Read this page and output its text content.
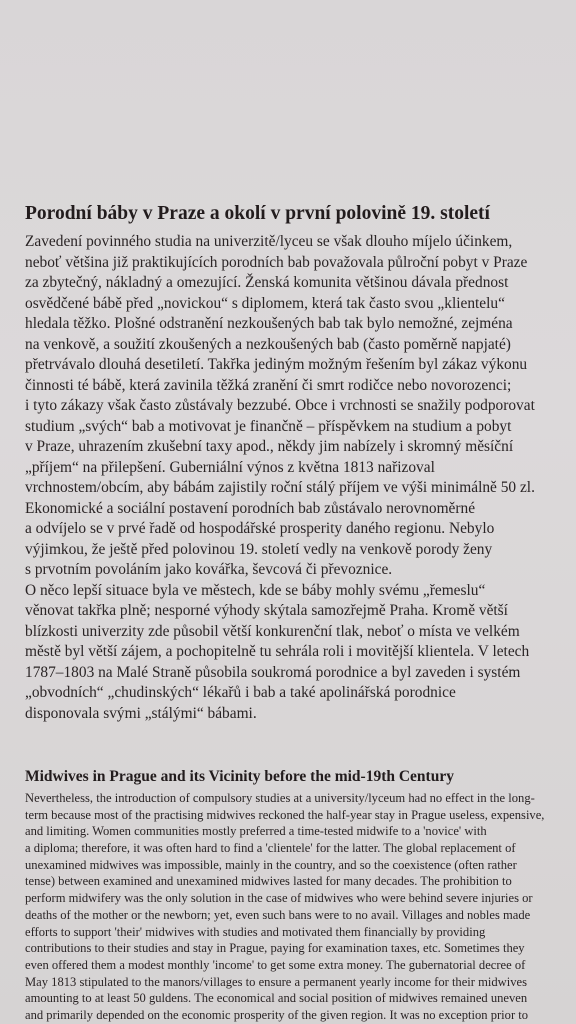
Porodní báby v Praze a okolí v první polovině 19. století
Zavedení povinného studia na univerzitě/lyceu se však dlouho míjelo účinkem,
neboť většina již praktikujících porodních bab považovala půlroční pobyt v Praze
za zbytečný, nákladný a omezující. Ženská komunita většinou dávala přednost
osvědčené bábě před „novickou“ s diplomem, která tak často svou „klientelu“
hledala těžko. Plošné odstranění nezkoušených bab tak bylo nemožné, zejména
na venkově, a soužití zkoušených a nezkoušených bab (často poměrně napjaté)
přetrvávalo dlouhá desetiletí. Takřka jediným možným řešením byl zákaz výkonu
činnosti té bábě, která zavinila těžká zranění či smrt rodičce nebo novorozenci;
i tyto zákazy však často zůstávaly bezzubé. Obce i vrchnosti se snažily podporovat
studium „svých“ bab a motivovat je finančně – příspěvkem na studium a pobyt
v Praze, uhrazením zkušební taxy apod., někdy jim nabízely i skromný měsíční
„příjem“ na přilepšení. Guberniální výnos z května 1813 nařizoval
vrchnostem/obcím, aby bábám zajistily roční stálý příjem ve výši minimálně 50 zl.
Ekonomické a sociální postavení porodních bab zůstávalo nerovnoměrné
a odvíjelo se v prvé řadě od hospodářské prosperity daného regionu. Nebylo
výjimkou, že ještě před polovinou 19. století vedly na venkově porody ženy
s prvotním povoláním jako kovářka, ševcová či převoznice.
O něco lepší situace byla ve městech, kde se báby mohly svému „řemeslu“
věnovat takřka plně; nesporné výhody skýtala samozřejmě Praha. Kromě větší
blízkosti univerzity zde působil větší konkurenční tlak, neboť o místa ve velkém
městě byl větší zájem, a pochopitelně tu sehrála roli i movitější klientela. V letech
1787–1803 na Malé Straně působila soukromá porodnice a byl zaveden i systém
„obvodních“ „chudinských“ lékařů i bab a také apolinářská porodnice
disponovala svými „stálými“ bábami.
Midwives in Prague and its Vicinity before the mid-19th Century
Nevertheless, the introduction of compulsory studies at a university/lyceum had no effect in the long-
term because most of the practising midwives reckoned the half-year stay in Prague useless, expensive,
and limiting. Women communities mostly preferred a time-tested midwife to a 'novice' with
a diploma; therefore, it was often hard to find a 'clientele' for the latter. The global replacement of
unexamined midwives was impossible, mainly in the country, and so the coexistence (often rather
tense) between examined and unexamined midwives lasted for many decades. The prohibition to
perform midwifery was the only solution in the case of midwives who were behind severe injuries or
deaths of the mother or the newborn; yet, even such bans were to no avail. Villages and nobles made
efforts to support 'their' midwives with studies and motivated them financially by providing
contributions to their studies and stay in Prague, paying for examination taxes, etc. Sometimes they
even offered them a modest monthly 'income' to get some extra money. The gubernatorial decree of
May 1813 stipulated to the manors/villages to ensure a permanent yearly income for their midwives
amounting to at least 50 guldens. The economical and social position of midwives remained uneven
and primarily depended on the economic prosperity of the given region. It was no exception prior to
